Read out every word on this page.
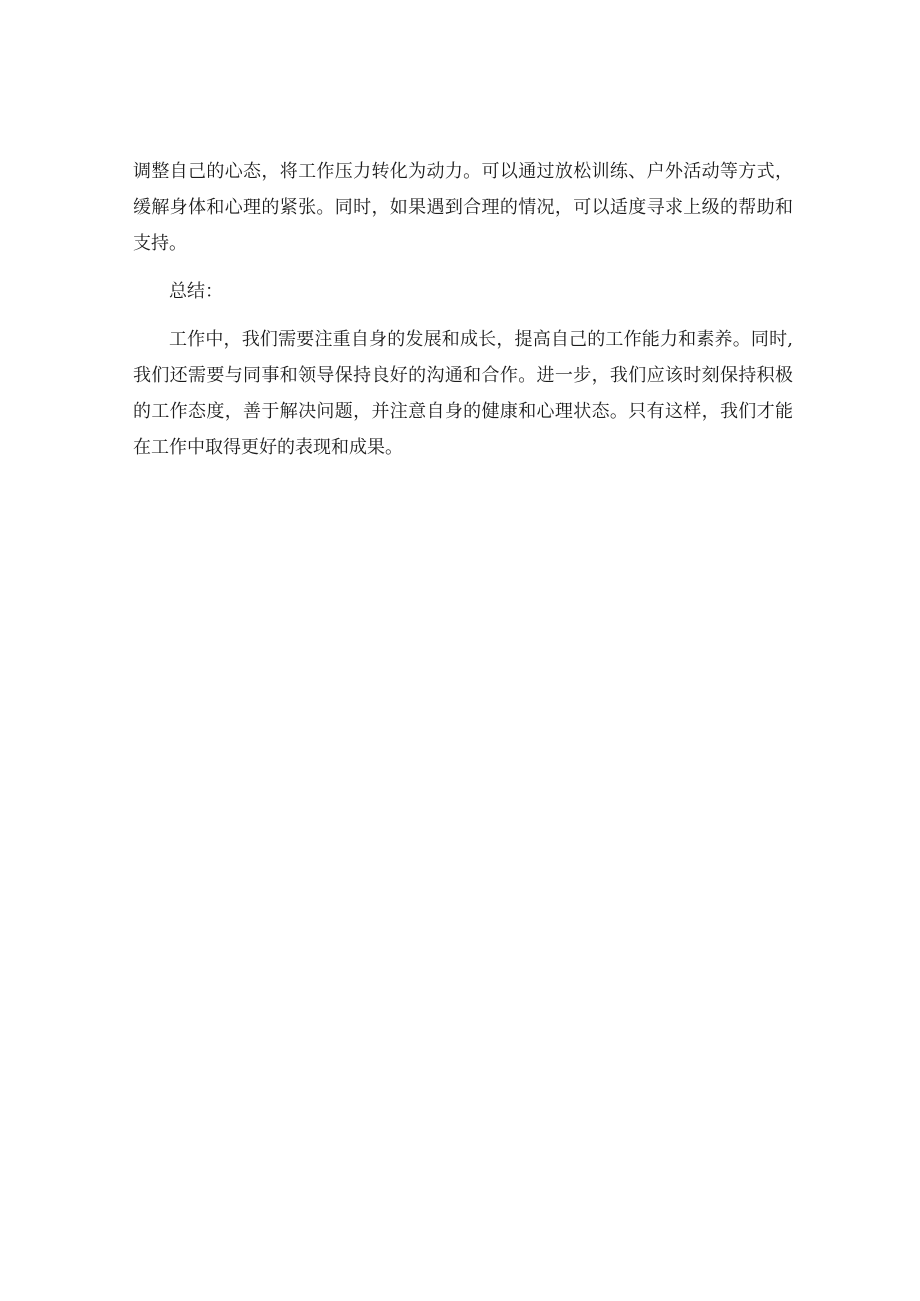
调整自己的心态，将工作压力转化为动力。可以通过放松训练、户外活动等方式，缓解身体和心理的紧张。同时，如果遇到合理的情况，可以适度寻求上级的帮助和支持。

总结：

工作中，我们需要注重自身的发展和成长，提高自己的工作能力和素养。同时,我们还需要与同事和领导保持良好的沟通和合作。进一步，我们应该时刻保持积极的工作态度，善于解决问题，并注意自身的健康和心理状态。只有这样，我们才能在工作中取得更好的表现和成果。
